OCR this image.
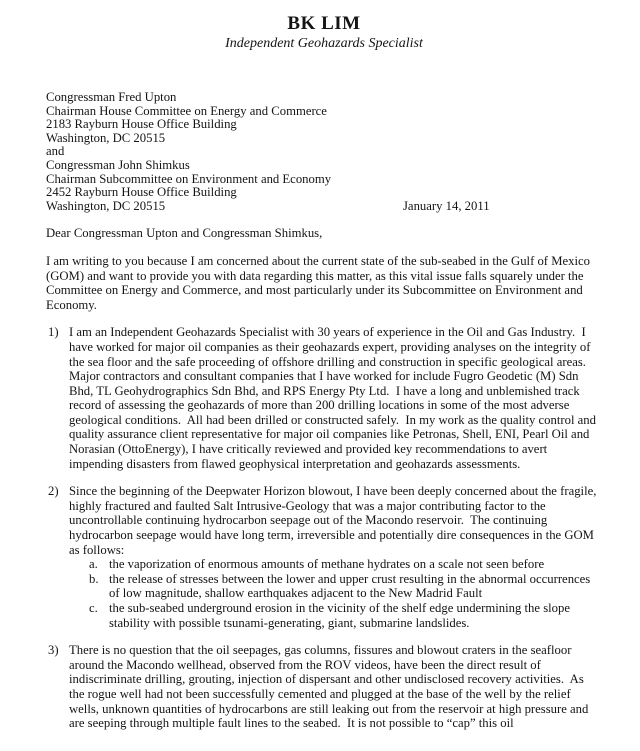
BK LIM
Independent Geohazards Specialist
Congressman Fred Upton
Chairman House Committee on Energy and Commerce
2183 Rayburn House Office Building
Washington, DC 20515
and
Congressman John Shimkus
Chairman Subcommittee on Environment and Economy
2452 Rayburn House Office Building
Washington, DC 20515	January 14, 2011
Dear Congressman Upton and Congressman Shimkus,

I am writing to you because I am concerned about the current state of the sub-seabed in the Gulf of Mexico (GOM) and want to provide you with data regarding this matter, as this vital issue falls squarely under the Committee on Energy and Commerce, and most particularly under its Subcommittee on Environment and Economy.

1) I am an Independent Geohazards Specialist with 30 years of experience in the Oil and Gas Industry.  I have worked for major oil companies as their geohazards expert, providing analyses on the integrity of the sea floor and the safe proceeding of offshore drilling and construction in specific geological areas.  Major contractors and consultant companies that I have worked for include Fugro Geodetic (M) Sdn Bhd, TL Geohydrographics Sdn Bhd, and RPS Energy Pty Ltd.  I have a long and unblemished track record of assessing the geohazards of more than 200 drilling locations in some of the most adverse geological conditions.  All had been drilled or constructed safely.  In my work as the quality control and quality assurance client representative for major oil companies like Petronas, Shell, ENI, Pearl Oil and Norasian (OttoEnergy), I have critically reviewed and provided key recommendations to avert impending disasters from flawed geophysical interpretation and geohazards assessments.
2) Since the beginning of the Deepwater Horizon blowout, I have been deeply concerned about the fragile, highly fractured and faulted Salt Intrusive-Geology that was a major contributing factor to the uncontrollable continuing hydrocarbon seepage out of the Macondo reservoir.  The continuing hydrocarbon seepage would have long term, irreversible and potentially dire consequences in the GOM as follows:
a. the vaporization of enormous amounts of methane hydrates on a scale not seen before
b. the release of stresses between the lower and upper crust resulting in the abnormal occurrences of low magnitude, shallow earthquakes adjacent to the New Madrid Fault
c. the sub-seabed underground erosion in the vicinity of the shelf edge undermining the slope stability with possible tsunami-generating, giant, submarine landslides.
3) There is no question that the oil seepages, gas columns, fissures and blowout craters in the seafloor around the Macondo wellhead, observed from the ROV videos, have been the direct result of indiscriminate drilling, grouting, injection of dispersant and other undisclosed recovery activities.  As the rogue well had not been successfully cemented and plugged at the base of the well by the relief wells, unknown quantities of hydrocarbons are still leaking out from the reservoir at high pressure and are seeping through multiple fault lines to the seabed.  It is not possible to “cap” this oil
